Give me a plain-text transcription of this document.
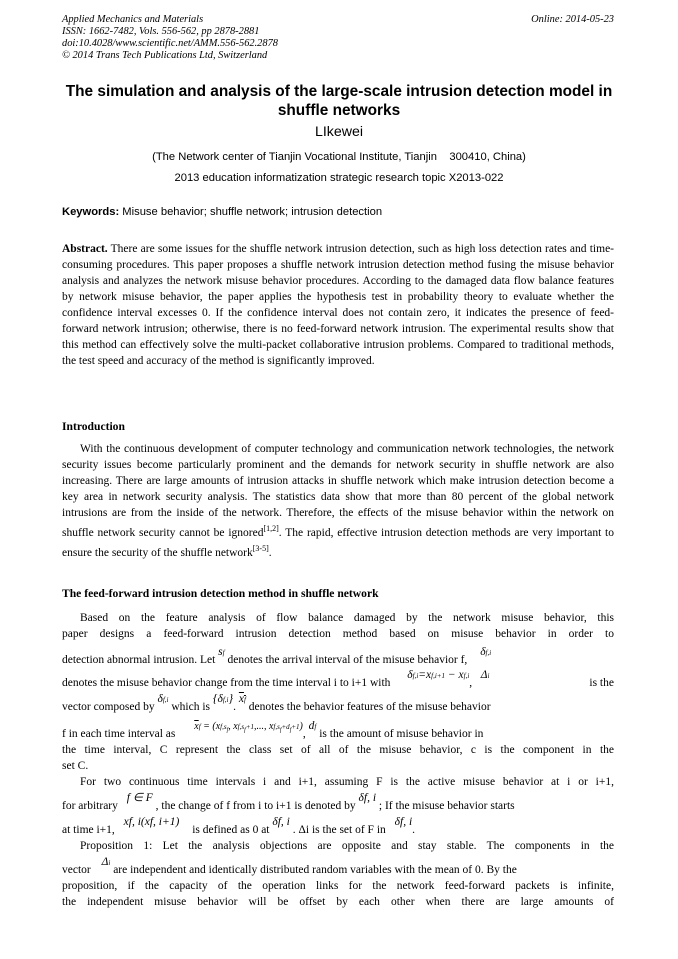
Applied Mechanics and Materials
ISSN: 1662-7482, Vols. 556-562, pp 2878-2881
doi:10.4028/www.scientific.net/AMM.556-562.2878
© 2014 Trans Tech Publications Ltd, Switzerland
Online: 2014-05-23
The simulation and analysis of the large-scale intrusion detection model in shuffle networks
LIkewei
(The Network center of Tianjin Vocational Institute, Tianjin    300410, China)
2013 education informatization strategic research topic X2013-022
Keywords: Misuse behavior; shuffle network; intrusion detection
Abstract. There are some issues for the shuffle network intrusion detection, such as high loss detection rates and time-consuming procedures. This paper proposes a shuffle network intrusion detection method fusing the misuse behavior analysis and analyzes the network misuse behavior procedures. According to the damaged data flow balance features by network misuse behavior, the paper applies the hypothesis test in probability theory to evaluate whether the confidence interval excesses 0. If the confidence interval does not contain zero, it indicates the presence of feed-forward network intrusion; otherwise, there is no feed-forward network intrusion. The experimental results show that this method can effectively solve the multi-packet collaborative intrusion problems. Compared to traditional methods, the test speed and accuracy of the method is significantly improved.
Introduction
With the continuous development of computer technology and communication network technologies, the network security issues become particularly prominent and the demands for network security in shuffle network are also increasing. There are large amounts of intrusion attacks in shuffle network which make intrusion detection become a key area in network security analysis. The statistics data show that more than 80 percent of the global network intrusions are from the inside of the network. Therefore, the effects of the misuse behavior within the network on shuffle network security cannot be ignored[1,2]. The rapid, effective intrusion detection methods are very important to ensure the security of the shuffle network[3-5].
The feed-forward intrusion detection method in shuffle network
Based on the feature analysis of flow balance damaged by the network misuse behavior, this
paper designs a feed-forward intrusion detection method based on misuse behavior in order to
detection abnormal intrusion. Let sf denotes the arrival interval of the misuse behavior f, δf,i
denotes the misuse behavior change from the time interval i to i+1 with δf,i=xf,i+1 − xf,i,   Δi
is the
vector composed by δf,i which is {δf,i}. xf denotes the behavior features of the misuse behavior
f in each time interval as $\overline{x}f = (xf,s_f$, $xf,s_f+1$,..., $xf,s_f+d_f+1$), df is the amount of misuse behavior in
the time interval, C represent the class set of all of the misuse behavior, c is the component in the
set C.
For two continuous time intervals i and i+1, assuming F is the active misuse behavior at i or i+1,
for arbitrary f ∈ F , the change of f from i to i+1 is denoted by δf, i ; If the misuse behavior starts
at time i+1, xf, i(xf, i+1) is defined as 0 at δf, i . Δi is the set of F in δf, i.
Proposition 1: Let the analysis objections are opposite and stay stable. The components in the
vector Δi are independent and identically distributed random variables with the mean of 0. By the
proposition, if the capacity of the operation links for the network feed-forward packets is infinite,
the independent misuse behavior will be offset by each other when there are large amounts of
